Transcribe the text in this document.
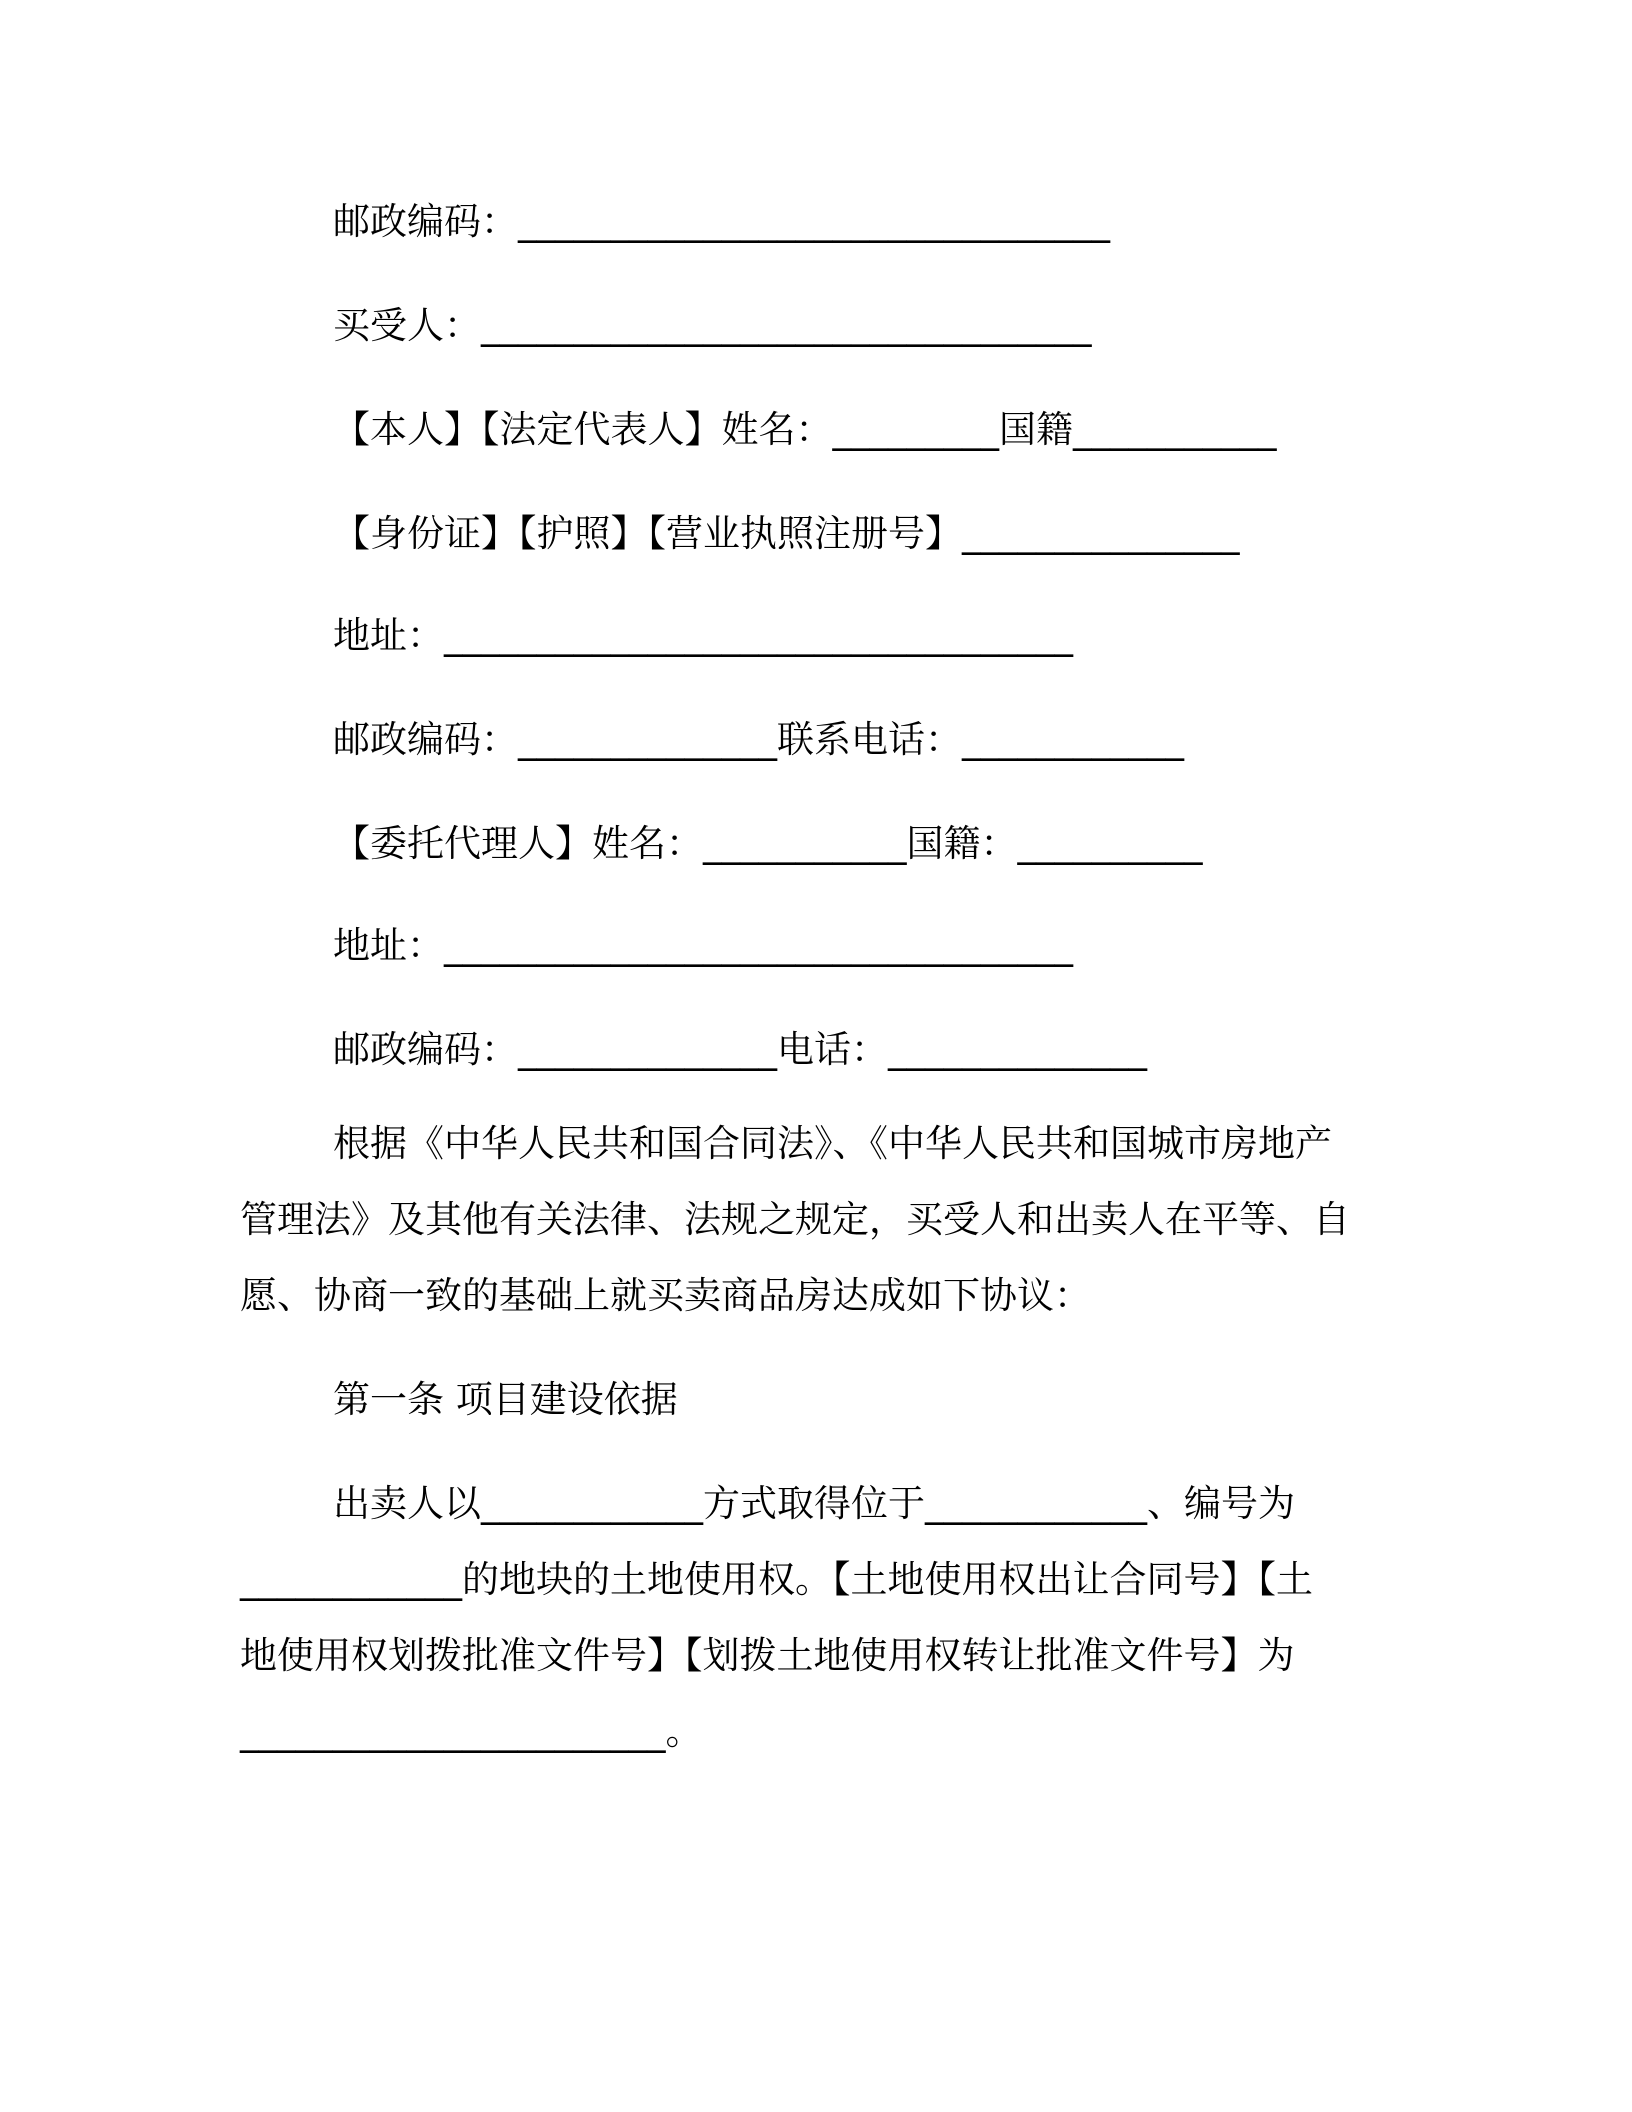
邮政编码：________________________________

买受人：_________________________________

【本人】【法定代表人】姓名：_________国籍___________

【身份证】【护照】【营业执照注册号】_______________

地址：__________________________________

邮政编码：______________联系电话：____________

【委托代理人】姓名：___________国籍：__________

地址：__________________________________

邮政编码：______________电话：______________

根据《中华人民共和国合同法》、《中华人民共和国城市房地产

管理法》及其他有关法律、法规之规定，买受人和出卖人在平等、自

愿、协商一致的基础上就买卖商品房达成如下协议：

第一条 项目建设依据

出卖人以____________方式取得位于____________、编号为

____________的地块的土地使用权。【土地使用权出让合同号】【土

地使用权划拨批准文件号】【划拨土地使用权转让批准文件号】为

_______________________。
